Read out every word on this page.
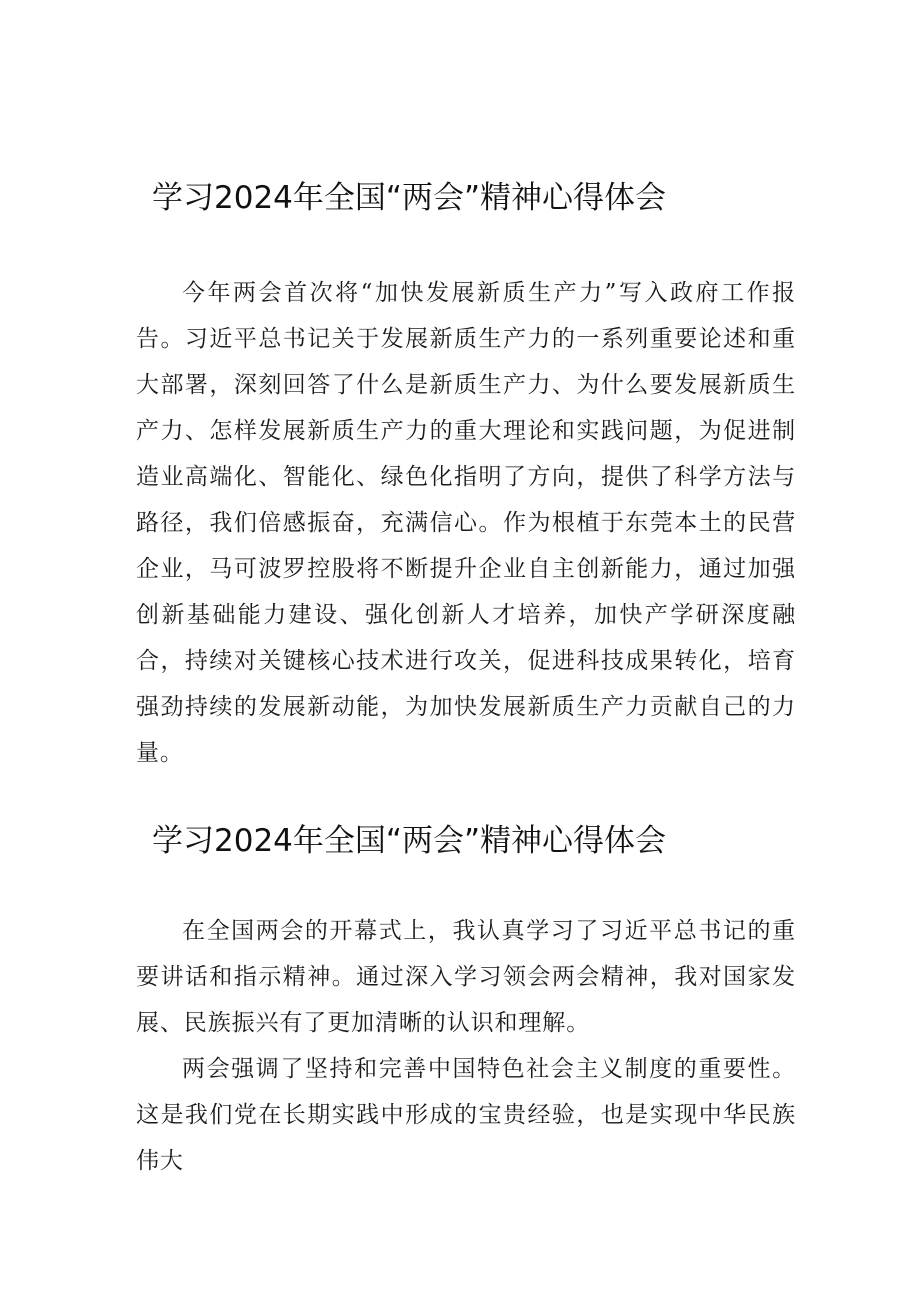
学习2024年全国“两会”精神心得体会

今年两会首次将“加快发展新质生产力”写入政府工作报告。习近平总书记关于发展新质生产力的一系列重要论述和重大部署，深刻回答了什么是新质生产力、为什么要发展新质生产力、怎样发展新质生产力的重大理论和实践问题，为促进制造业高端化、智能化、绿色化指明了方向，提供了科学方法与路径，我们倍感振奋，充满信心。作为根植于东莞本土的民营企业，马可波罗控股将不断提升企业自主创新能力，通过加强创新基础能力建设、强化创新人才培养，加快产学研深度融合，持续对关键核心技术进行攻关，促进科技成果转化，培育强劲持续的发展新动能，为加快发展新质生产力贡献自己的力量。

学习2024年全国“两会”精神心得体会

在全国两会的开幕式上，我认真学习了习近平总书记的重要讲话和指示精神。通过深入学习领会两会精神，我对国家发展、民族振兴有了更加清晰的认识和理解。

两会强调了坚持和完善中国特色社会主义制度的重要性。这是我们党在长期实践中形成的宝贵经验，也是实现中华民族伟大
